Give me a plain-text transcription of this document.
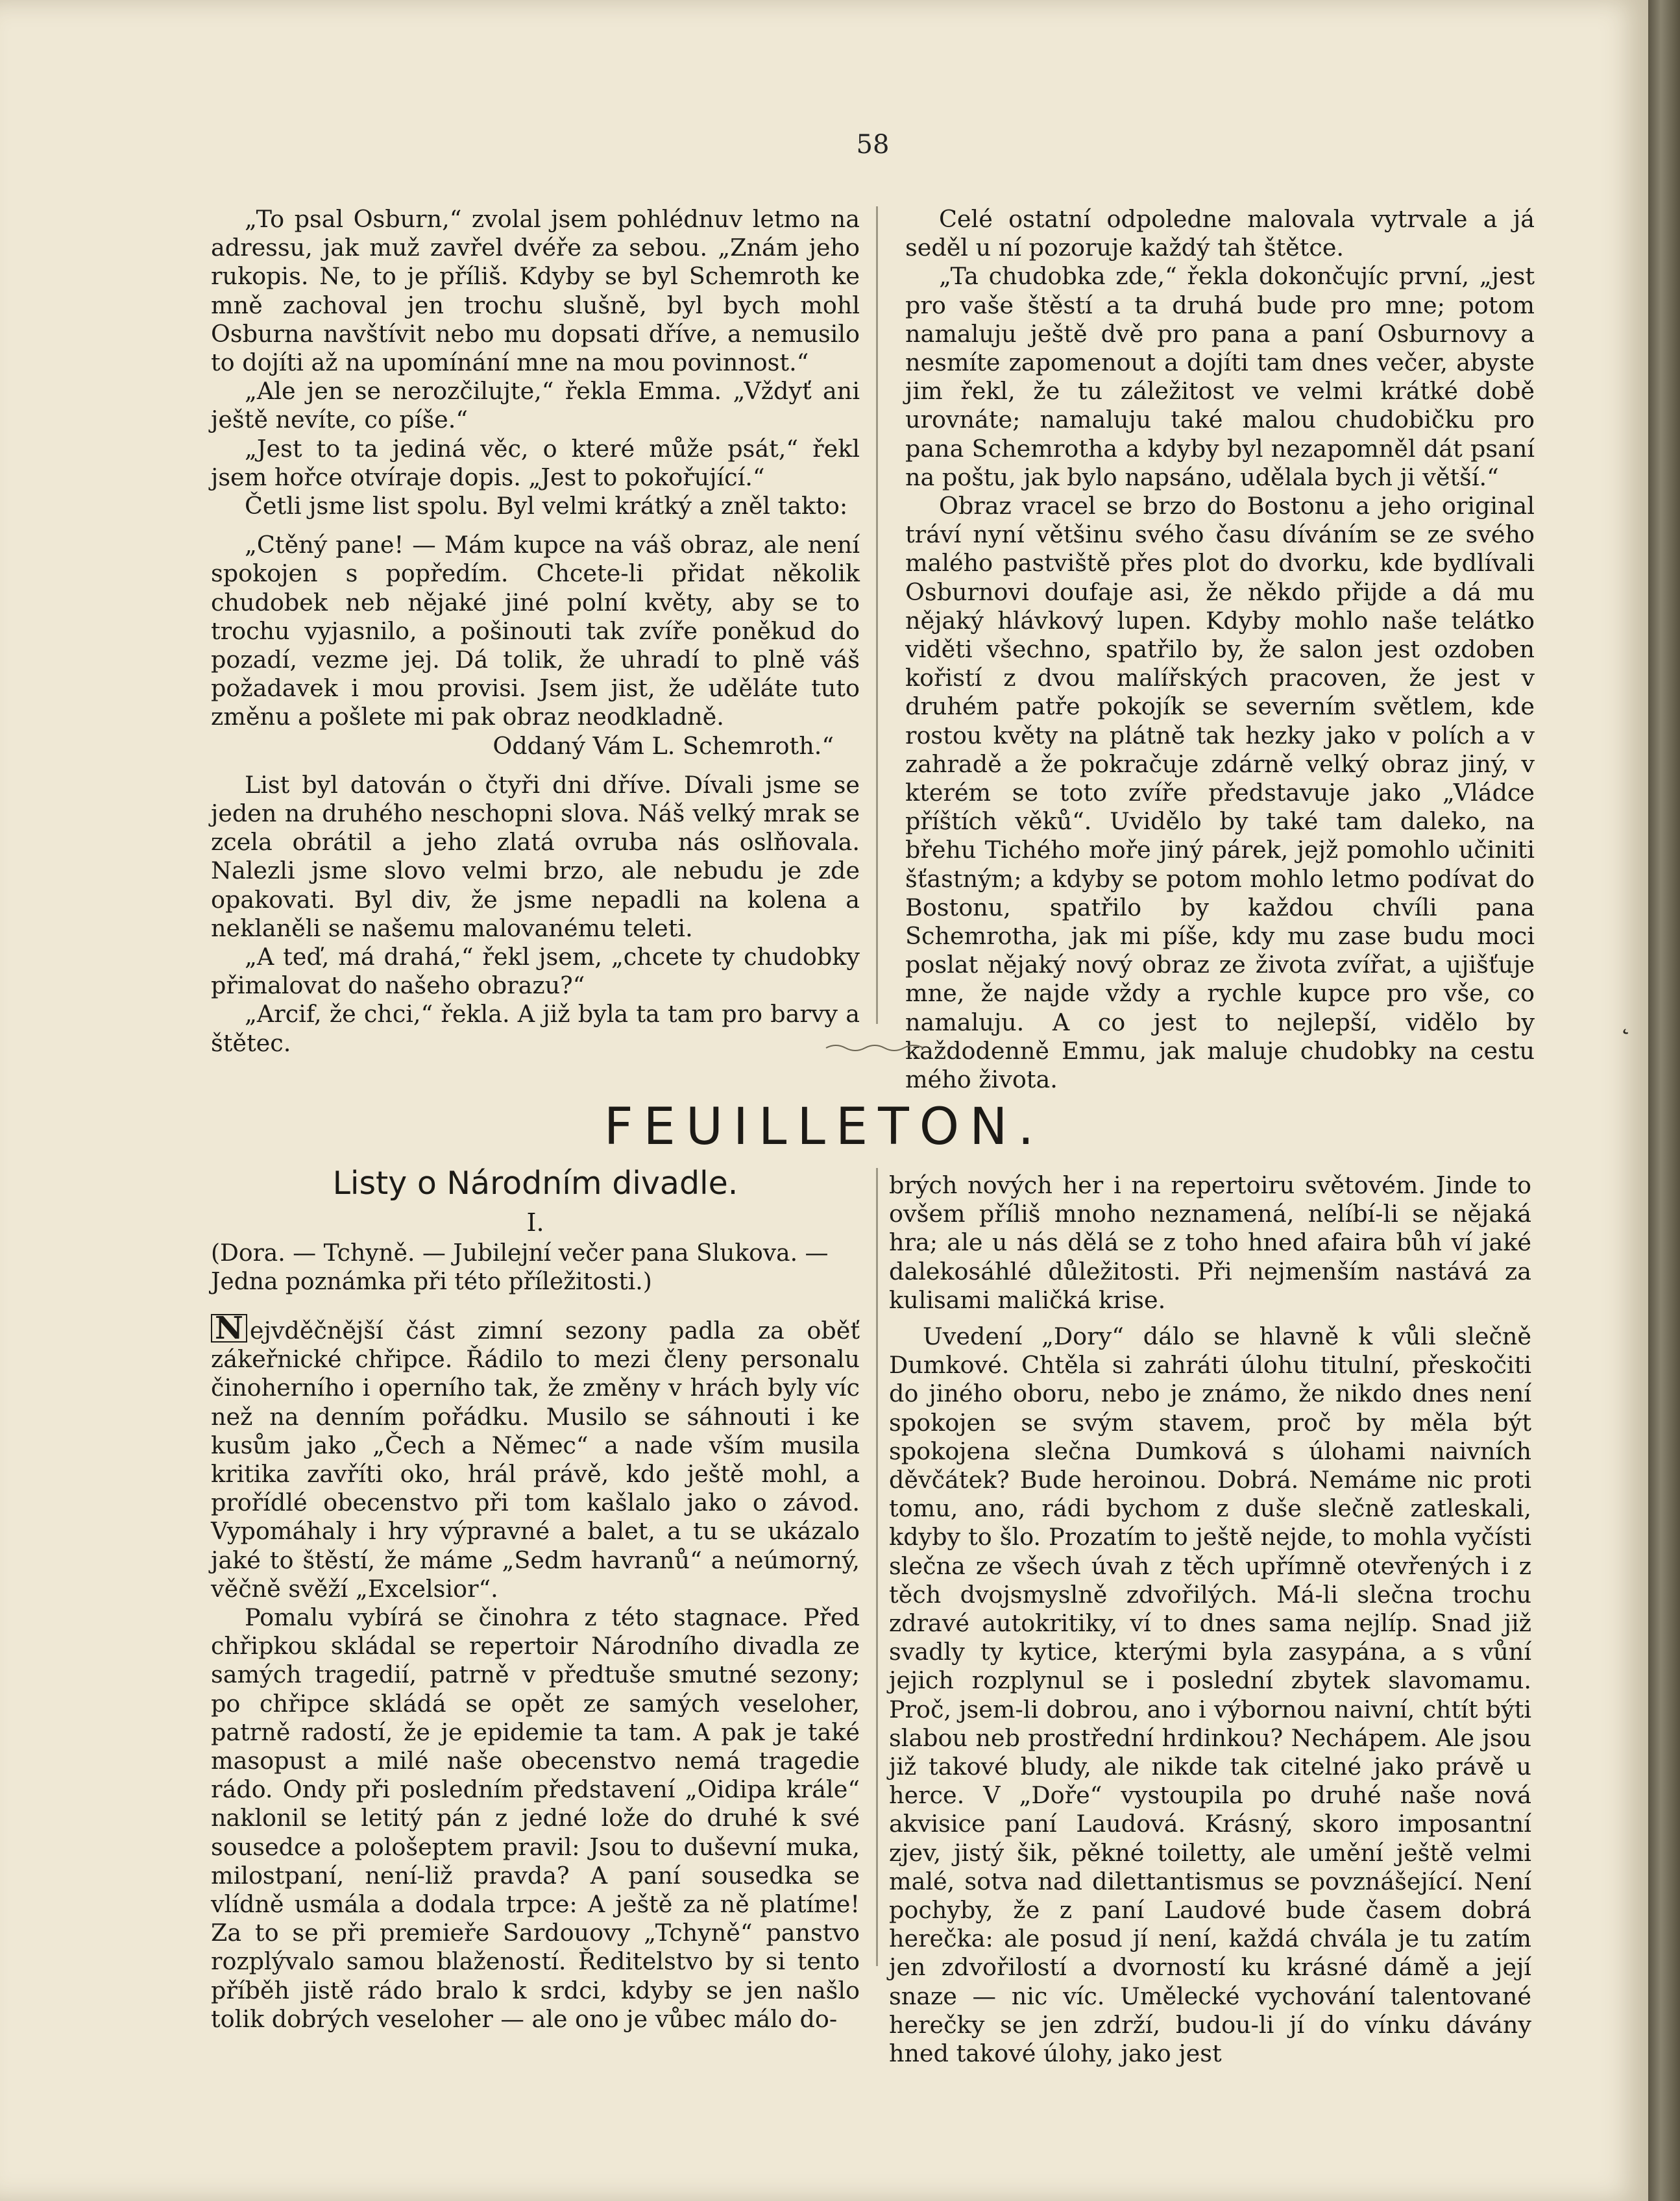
58

„To psal Osburn,“ zvolal jsem pohlédnuv letmo na adressu, jak muž zavřel dvéře za sebou. „Znám jeho rukopis. Ne, to je příliš. Kdyby se byl Schemroth ke mně zachoval jen trochu slušně, byl bych mohl Osburna navštívit nebo mu dopsati dříve, a nemusilo to dojíti až na upomínání mne na mou povinnost.“

„Ale jen se nerozčilujte,“ řekla Emma. „Vždyť ani ještě nevíte, co píše.“

„Jest to ta jediná věc, o které může psát,“ řekl jsem hořce otvíraje dopis. „Jest to pokořující.“

Četli jsme list spolu. Byl velmi krátký a zněl takto:

„Ctěný pane! — Mám kupce na váš obraz, ale není spokojen s popředím. Chcete-li přidat několik chudobek neb nějaké jiné polní květy, aby se to trochu vyjasnilo, a pošinouti tak zvíře poněkud do pozadí, vezme jej. Dá tolik, že uhradí to plně váš požadavek i mou provisi. Jsem jist, že uděláte tuto změnu a pošlete mi pak obraz neodkladně.

Oddaný Vám L. Schemroth.“

List byl datován o čtyři dni dříve. Dívali jsme se jeden na druhého neschopni slova. Náš velký mrak se zcela obrátil a jeho zlatá ovruba nás oslňovala. Nalezli jsme slovo velmi brzo, ale nebudu je zde opakovati. Byl div, že jsme nepadli na kolena a neklaněli se našemu malovanému teleti.

„A teď, má drahá,“ řekl jsem, „chcete ty chudobky přimalovat do našeho obrazu?“

„Arcif, že chci,“ řekla. A již byla ta tam pro barvy a štětec.

Celé ostatní odpoledne malovala vytrvale a já seděl u ní pozoruje každý tah štětce.

„Ta chudobka zde,“ řekla dokončujíc první, „jest pro vaše štěstí a ta druhá bude pro mne; potom namaluju ještě dvě pro pana a paní Osburnovy a nesmíte zapomenout a dojíti tam dnes večer, abyste jim řekl, že tu záležitost ve velmi krátké době urovnáte; namaluju také malou chudobičku pro pana Schemrotha a kdyby byl nezapomněl dát psaní na poštu, jak bylo napsáno, udělala bych ji větší.“

Obraz vracel se brzo do Bostonu a jeho original tráví nyní většinu svého času díváním se ze svého malého pastviště přes plot do dvorku, kde bydlívali Osburnovi doufaje asi, že někdo přijde a dá mu nějaký hlávkový lupen. Kdyby mohlo naše telátko viděti všechno, spatřilo by, že salon jest ozdoben kořistí z dvou malířských pracoven, že jest v druhém patře pokojík se severním světlem, kde rostou květy na plátně tak hezky jako v polích a v zahradě a že pokračuje zdárně velký obraz jiný, v kterém se toto zvíře představuje jako „Vládce příštích věků“. Uvidělo by také tam daleko, na břehu Tichého moře jiný párek, jejž pomohlo učiniti šťastným; a kdyby se potom mohlo letmo podívat do Bostonu, spatřilo by každou chvíli pana Schemrotha, jak mi píše, kdy mu zase budu moci poslat nějaký nový obraz ze života zvířat, a ujišťuje mne, že najde vždy a rychle kupce pro vše, co namaluju. A co jest to nejlepší, vidělo by každodenně Emmu, jak maluje chudobky na cestu mého života.

FEUILLETON.
Listy o Národním divadle.
I.
(Dora. — Tchyně. — Jubilejní večer pana Slukova. — Jedna poznámka při této příležitosti.)

N ejvděčnější část zimní sezony padla za oběť zákeřnické chřipce. Řádilo to mezi členy personalu činoherního i operního tak, že změny v hrách byly víc než na denním pořádku. Musilo se sáhnouti i ke kusům jako „Čech a Němec“ a nade vším musila kritika zavříti oko, hrál právě, kdo ještě mohl, a prořídlé obecenstvo při tom kašlalo jako o závod. Vypomáhaly i hry výpravné a balet, a tu se ukázalo jaké to štěstí, že máme „Sedm havranů“ a neúmorný, věčně svěží „Excelsior“.

Pomalu vybírá se činohra z této stagnace. Před chřipkou skládal se repertoir Národního divadla ze samých tragedií, patrně v předtuše smutné sezony; po chřipce skládá se opět ze samých veseloher, patrně radostí, že je epidemie ta tam. A pak je také masopust a milé naše obecenstvo nemá tragedie rádo. Ondy při posledním představení „Oidipa krále“ naklonil se letitý pán z jedné lože do druhé k své sousedce a pološeptem pravil: Jsou to duševní muka, milostpaní, není-liž pravda? A paní sousedka se vlídně usmála a dodala trpce: A ještě za ně platíme! Za to se při premieře Sardouovy „Tchyně“ panstvo rozplývalo samou blažeností. Ředitelstvo by si tento příběh jistě rádo bralo k srdci, kdyby se jen našlo tolik dobrých veseloher — ale ono je vůbec málo do-

brých nových her i na repertoiru světovém. Jinde to ovšem příliš mnoho neznamená, nelíbí-li se nějaká hra; ale u nás dělá se z toho hned afaira bůh ví jaké dalekosáhlé důležitosti. Při nejmenším nastává za kulisami maličká krise.

Uvedení „Dory“ dálo se hlavně k vůli slečně Dumkové. Chtěla si zahráti úlohu titulní, přeskočiti do jiného oboru, nebo je známo, že nikdo dnes není spokojen se svým stavem, proč by měla být spokojena slečna Dumková s úlohami naivních děvčátek? Bude heroinou. Dobrá. Nemáme nic proti tomu, ano, rádi bychom z duše slečně zatleskali, kdyby to šlo. Prozatím to ještě nejde, to mohla vyčísti slečna ze všech úvah z těch upřímně otevřených i z těch dvojsmyslně zdvořilých. Má-li slečna trochu zdravé autokritiky, ví to dnes sama nejlíp. Snad již svadly ty kytice, kterými byla zasypána, a s vůní jejich rozplynul se i poslední zbytek slavomamu. Proč, jsem-li dobrou, ano i výbornou naivní, chtít býti slabou neb prostřední hrdinkou? Nechápem. Ale jsou již takové bludy, ale nikde tak citelné jako právě u herce. V „Doře“ vystoupila po druhé naše nová akvisice paní Laudová. Krásný, skoro imposantní zjev, jistý šik, pěkné toiletty, ale umění ještě velmi malé, sotva nad dilettantismus se povznášející. Není pochyby, že z paní Laudové bude časem dobrá herečka: ale posud jí není, každá chvála je tu zatím jen zdvořilostí a dvorností ku krásné dámě a její snaze — nic víc. Umělecké vychování talentované herečky se jen zdrží, budou-li jí do vínku dávány hned takové úlohy, jako jest

˛
